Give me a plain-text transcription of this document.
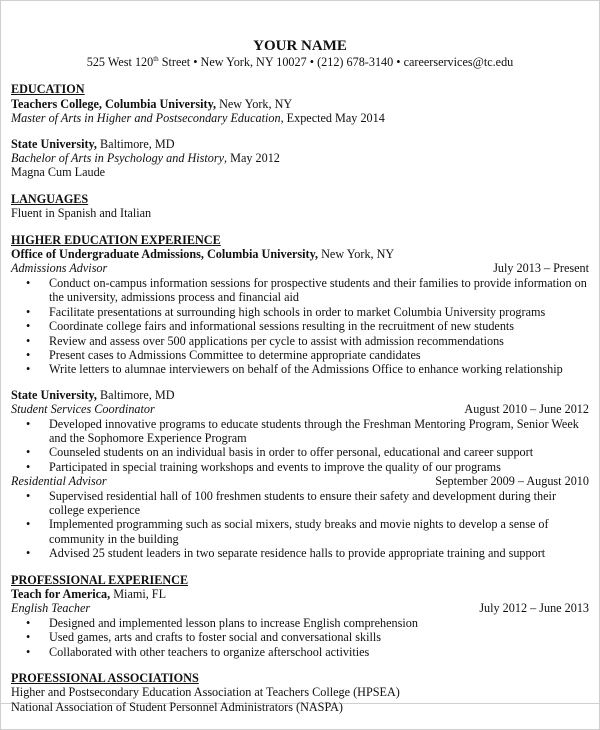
YOUR NAME
525 West 120th Street • New York, NY 10027 • (212) 678-3140 • careerservices@tc.edu
EDUCATION
Teachers College, Columbia University, New York, NY
Master of Arts in Higher and Postsecondary Education, Expected May 2014
State University, Baltimore, MD
Bachelor of Arts in Psychology and History, May 2012
Magna Cum Laude
LANGUAGES
Fluent in Spanish and Italian
HIGHER EDUCATION EXPERIENCE
Office of Undergraduate Admissions, Columbia University, New York, NY
Admissions Advisor	July 2013 – Present
• Conduct on-campus information sessions for prospective students and their families to provide information on the university, admissions process and financial aid
• Facilitate presentations at surrounding high schools in order to market Columbia University programs
• Coordinate college fairs and informational sessions resulting in the recruitment of new students
• Review and assess over 500 applications per cycle to assist with admission recommendations
• Present cases to Admissions Committee to determine appropriate candidates
• Write letters to alumnae interviewers on behalf of the Admissions Office to enhance working relationship
State University, Baltimore, MD
Student Services Coordinator	August 2010 – June 2012
• Developed innovative programs to educate students through the Freshman Mentoring Program, Senior Week and the Sophomore Experience Program
• Counseled students on an individual basis in order to offer personal, educational and career support
• Participated in special training workshops and events to improve the quality of our programs
Residential Advisor	September 2009 – August 2010
• Supervised residential hall of 100 freshmen students to ensure their safety and development during their college experience
• Implemented programming such as social mixers, study breaks and movie nights to develop a sense of community in the building
• Advised 25 student leaders in two separate residence halls to provide appropriate training and support
PROFESSIONAL EXPERIENCE
Teach for America, Miami, FL
English Teacher	July 2012 – June 2013
• Designed and implemented lesson plans to increase English comprehension
• Used games, arts and crafts to foster social and conversational skills
• Collaborated with other teachers to organize afterschool activities
PROFESSIONAL ASSOCIATIONS
Higher and Postsecondary Education Association at Teachers College (HPSEA)
National Association of Student Personnel Administrators (NASPA)
